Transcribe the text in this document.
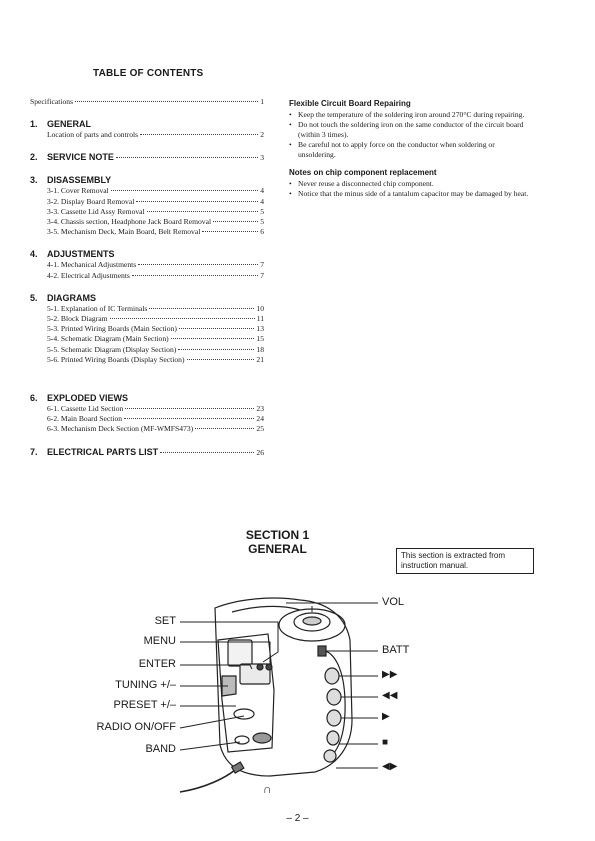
TABLE OF CONTENTS
Specifications	1
1. GENERAL
Location of parts and controls	2
2. SERVICE NOTE	3
3. DISASSEMBLY
3-1. Cover Removal	4
3-2. Display Board Removal	4
3-3. Cassette Lid Assy Removal	5
3-4. Chassis section, Headphone Jack Board Removal	5
3-5. Mechanism Deck, Main Board, Belt Removal	6
4. ADJUSTMENTS
4-1. Mechanical Adjustments	7
4-2. Electrical Adjustments	7
5. DIAGRAMS
5-1. Explanation of IC Terminals	10
5-2. Block Diagram	11
5-3. Printed Wiring Boards (Main Section)	13
5-4. Schematic Diagram (Main Section)	15
5-5. Schematic Diagram (Display Section)	18
5-6. Printed Wiring Boards (Display Section)	21
6. EXPLODED VIEWS
6-1. Cassette Lid Section	23
6-2. Main Board Section	24
6-3. Mechanism Deck Section (MF-WMFS473)	25
7. ELECTRICAL PARTS LIST	26
Flexible Circuit Board Repairing
• Keep the temperature of the soldering iron around 270°C during repairing.
• Do not touch the soldering iron on the same conductor of the circuit board (within 3 times).
• Be careful not to apply force on the conductor when soldering or unsoldering.
Notes on chip component replacement
• Never reuse a disconnected chip component.
• Notice that the minus side of a tantalum capacitor may be damaged by heat.
SECTION 1
GENERAL	This section is extracted from instruction manual.
SET
MENU
ENTER
TUNING +/–
PRESET +/–
RADIO ON/OFF
BAND
VOL
BATT
▶▶
◀◀
▶
■
◀▶
∩
– 2 –
